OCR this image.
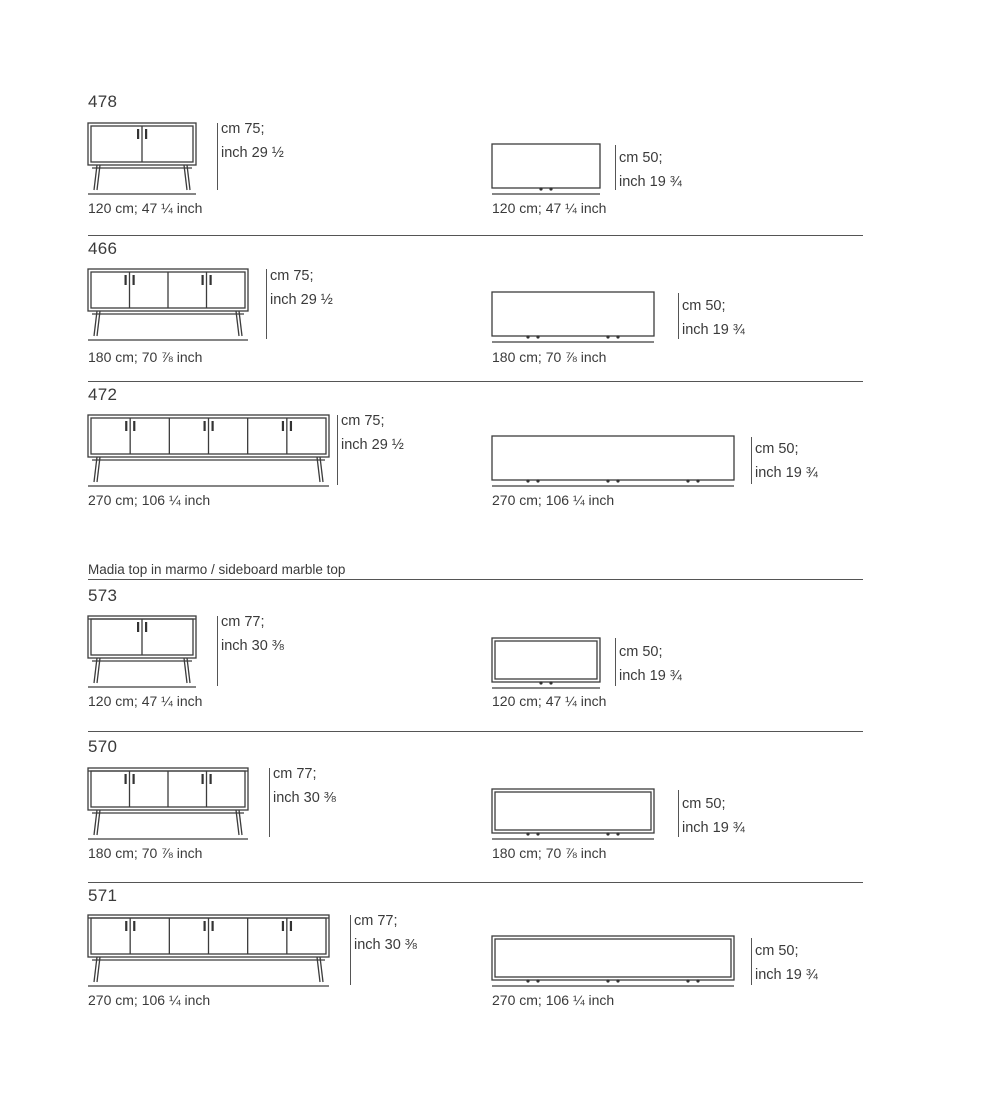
Madia top in marmo / sideboard marble top
478
cm 75;
inch 29 ½
120 cm; 47 ¼ inch
cm 50;
inch 19 ¾
120 cm; 47 ¼ inch
466
cm 75;
inch 29 ½
180 cm; 70 ⅞ inch
cm 50;
inch 19 ¾
180 cm; 70 ⅞ inch
472
cm 75;
inch 29 ½
270 cm; 106 ¼ inch
cm 50;
inch 19 ¾
270 cm; 106 ¼ inch
573
cm 77;
inch 30 ⅜
120 cm; 47 ¼ inch
cm 50;
inch 19 ¾
120 cm; 47 ¼ inch
570
cm 77;
inch 30 ⅜
180 cm; 70 ⅞ inch
cm 50;
inch 19 ¾
180 cm; 70 ⅞ inch
571
cm 77;
inch 30 ⅜
270 cm; 106 ¼ inch
cm 50;
inch 19 ¾
270 cm; 106 ¼ inch
